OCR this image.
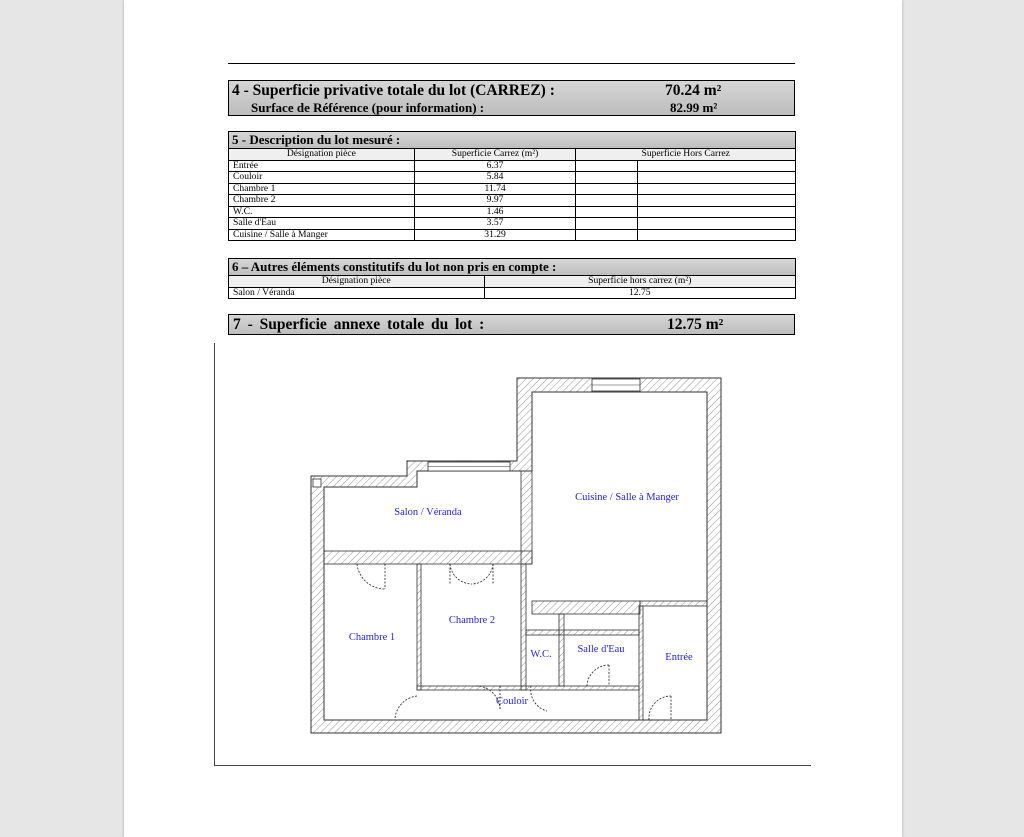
4 - Superficie privative totale du lot (CARREZ) :	70.24 m²
Surface de Référence (pour information) :	82.99 m²
5 - Description du lot mesuré :			
Désignation pièce	Superficie Carrez (m²)	Superficie Hors Carrez	
Entrée	6.37		
Couloir	5.84		
Chambre 1	11.74		
Chambre 2	9.97		
W.C.	1.46		
Salle d'Eau	3.57		
Cuisine / Salle à Manger	31.29		
6 – Autres éléments constitutifs du lot non pris en compte :	
Désignation pièce	Superficie hors carrez (m²)
Salon / Véranda	12.75
7 - Superficie annexe totale du lot :	12.75 m²
Salon / Véranda
Cuisine / Salle à Manger
Chambre 1
Chambre 2
W.C. Salle d'Eau
Entrée
Couloir
